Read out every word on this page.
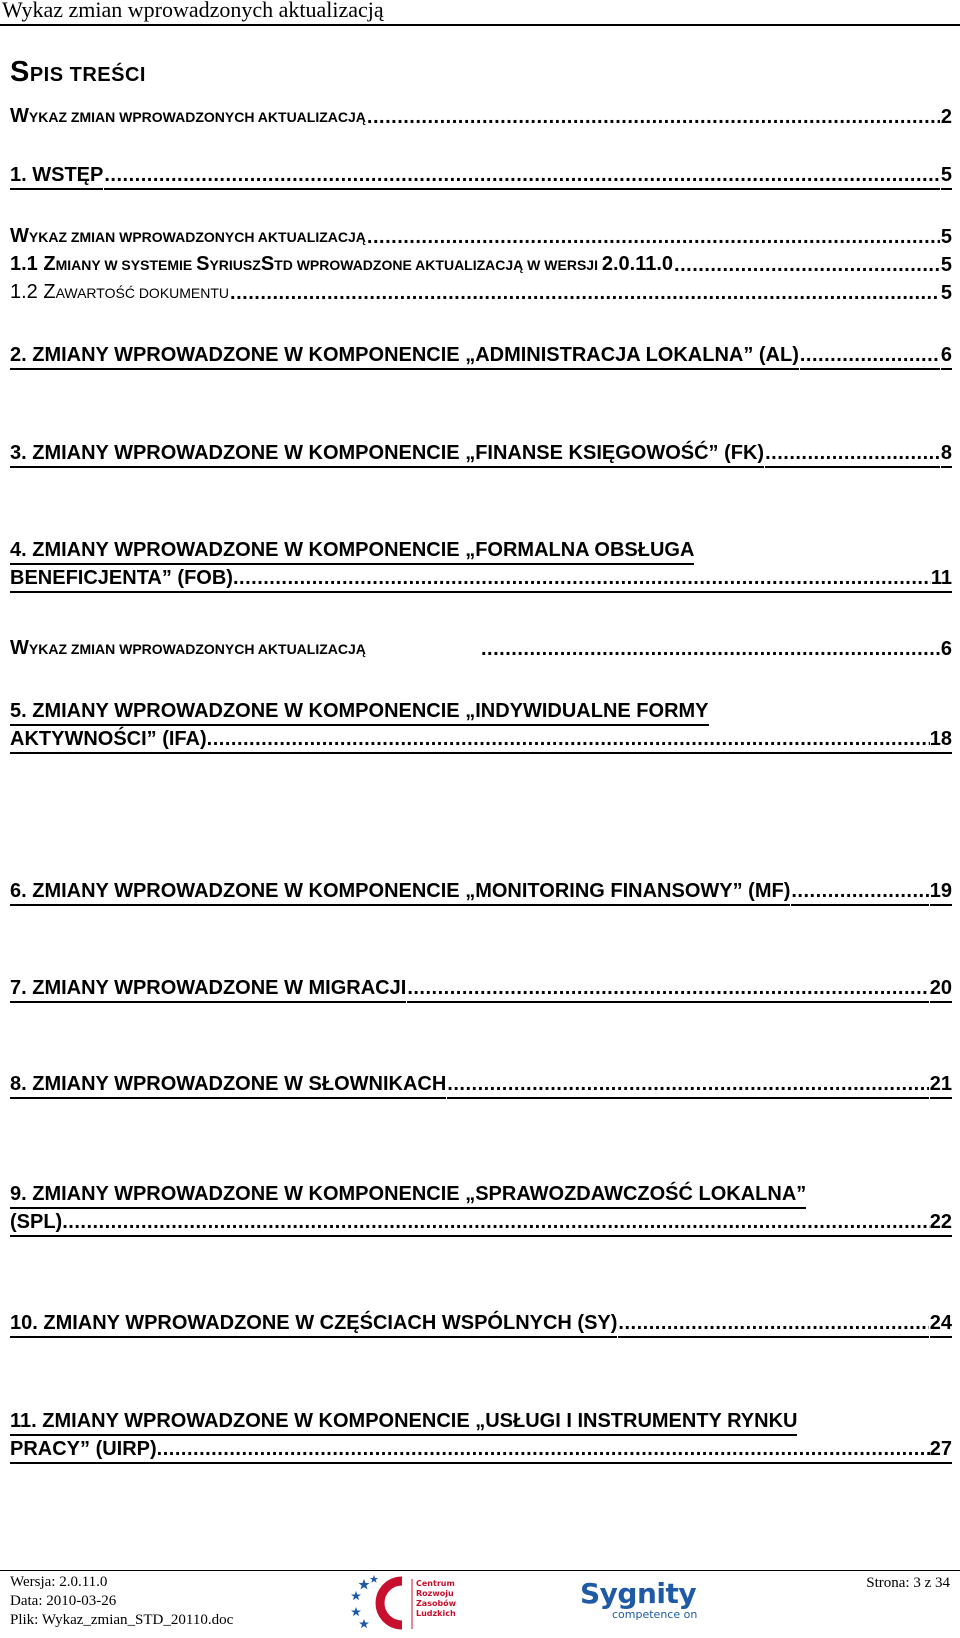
Wykaz zmian wprowadzonych aktualizacją
SPIS TREŚCI
WYKAZ ZMIAN WPROWADZONYCH AKTUALIZACJĄ .....	2
1. WSTĘP .....	5
WYKAZ ZMIAN WPROWADZONYCH AKTUALIZACJĄ .....	5
1.1 ZMIANY W SYSTEMIE SYRIUSZSTD WPROWADZONE AKTUALIZACJĄ W WERSJI 2.0.11.0 .....	5
1.2 ZAWARTOŚĆ DOKUMENTU .....	5
2. ZMIANY WPROWADZONE W KOMPONENCIE „ADMINISTRACJA LOKALNA” (AL) .....	6
3. ZMIANY WPROWADZONE W KOMPONENCIE „FINANSE KSIĘGOWOŚĆ” (FK) .....	8
4. ZMIANY WPROWADZONE W KOMPONENCIE „FORMALNA OBSŁUGA
BENEFICJENTA” (FOB) .....	11
WYKAZ ZMIAN WPROWADZONYCH AKTUALIZACJĄ .....	6
5. ZMIANY WPROWADZONE W KOMPONENCIE „INDYWIDUALNE FORMY
AKTYWNOŚCI” (IFA) .....	18
6. ZMIANY WPROWADZONE W KOMPONENCIE „MONITORING FINANSOWY” (MF) .....	19
7. ZMIANY WPROWADZONE W MIGRACJI .....	20
8. ZMIANY WPROWADZONE W SŁOWNIKACH .....	21
9. ZMIANY WPROWADZONE W KOMPONENCIE „SPRAWOZDAWCZOŚĆ LOKALNA”
(SPL) .....	22
10. ZMIANY WPROWADZONE W CZĘŚCIACH WSPÓLNYCH (SY) .....	24
11. ZMIANY WPROWADZONE W KOMPONENCIE „USŁUGI I INSTRUMENTY RYNKU
PRACY” (UIRP) .....	27
Wersja: 2.0.11.0
Data: 2010-03-26
Plik: Wykaz_zmian_STD_20110.doc
Centrum
Rozwoju
Zasobów
Ludzkich
Sygnity
competence on
Strona: 3 z 34
